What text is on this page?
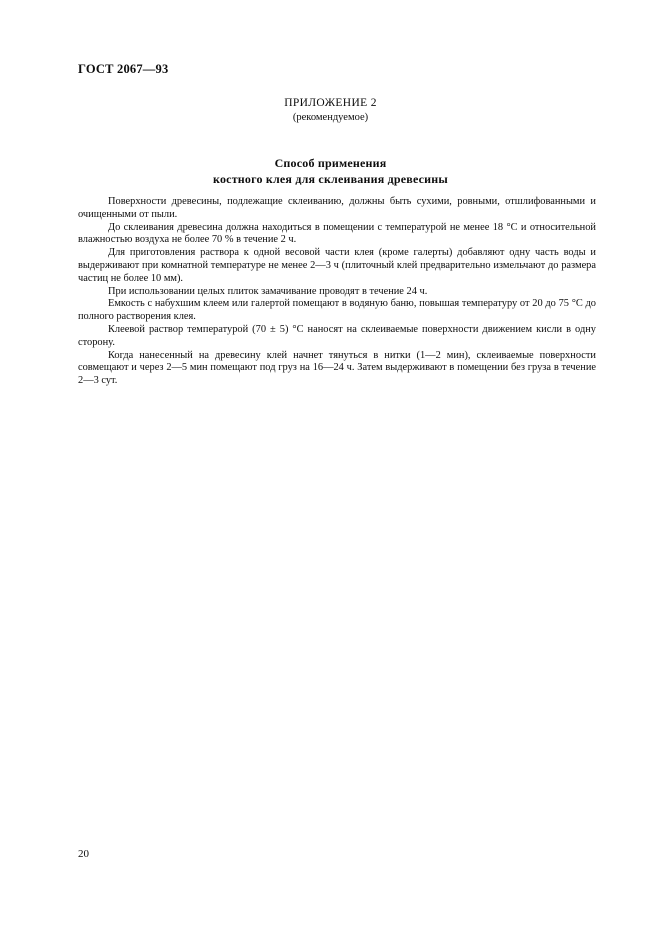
ГОСТ 2067—93
ПРИЛОЖЕНИЕ 2
(рекомендуемое)
Способ применения
костного клея для склеивания древесины

Поверхности древесины, подлежащие склеиванию, должны быть сухими, ровными, отшлифованными и очищенными от пыли.

До склеивания древесина должна находиться в помещении с температурой не менее 18 °С и относительной влажностью воздуха не более 70 % в течение 2 ч.

Для приготовления раствора к одной весовой части клея (кроме галерты) добавляют одну часть воды и выдерживают при комнатной температуре не менее 2—3 ч (плиточный клей предварительно измельчают до размера частиц не более 10 мм).

При использовании целых плиток замачивание проводят в течение 24 ч.

Емкость с набухшим клеем или галертой помещают в водяную баню, повышая температуру от 20 до 75 °С до полного растворения клея.

Клеевой раствор температурой (70 ± 5) °С наносят на склеиваемые поверхности движением кисли в одну сторону.

Когда нанесенный на древесину клей начнет тянуться в нитки (1—2 мин), склеиваемые поверхности совмещают и через 2—5 мин помещают под груз на 16—24 ч. Затем выдерживают в помещении без груза в течение 2—3 сут.

20
